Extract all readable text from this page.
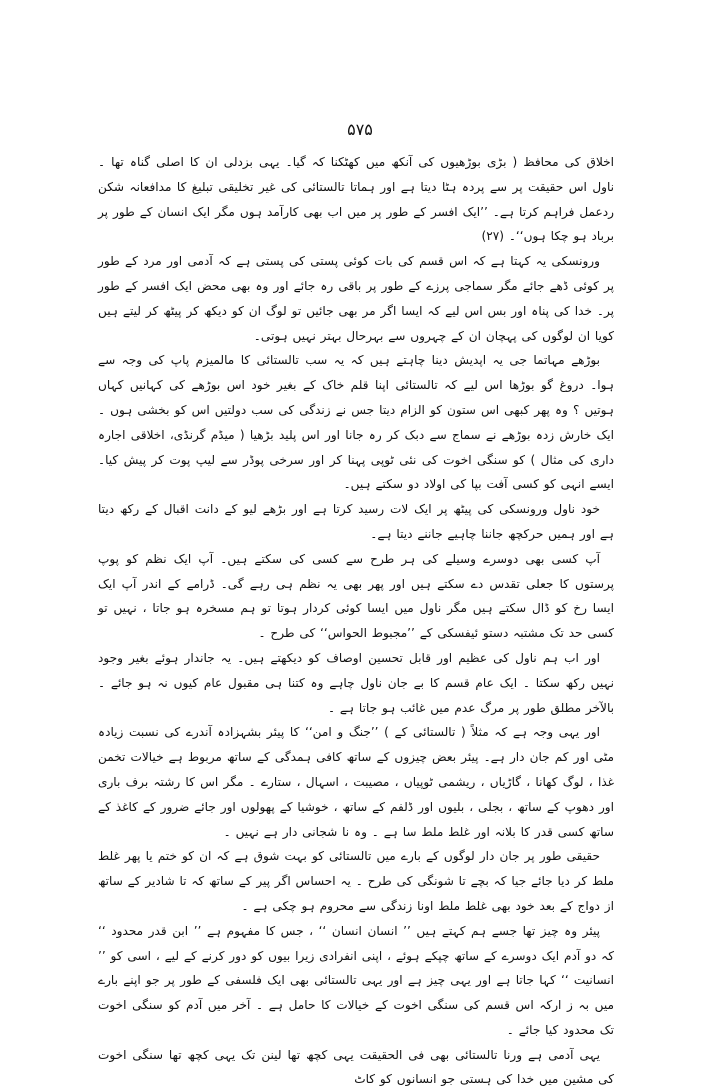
۵۷۵

اخلاق کی محافظ ( بڑی بوڑھیوں کی آنکھ میں کھٹکنا کہ گیا۔ یہی بزدلی ان کا اصلی گناہ تھا ۔ ناول اس حقیقت پر سے پردہ ہٹا دیتا ہے اور ہماتا تالستائی کی غیر تخلیقی تبلیغ کا مدافعانہ شکن ردعمل فراہم کرتا ہے۔ ’’ایک افسر کے طور پر میں اب بھی کارآمد ہوں مگر ایک انسان کے طور پر برباد ہو چکا ہوں‘‘۔ (۲۷)

ورونسکی یہ کہتا ہے کہ اس قسم کی بات کوئی پستی کی پستی ہے کہ آدمی اور مرد کے طور پر کوئی ڈھے جائے مگر سماجی پرزے کے طور پر باقی رہ جائے اور وہ بھی محض ایک افسر کے طور پر۔ خدا کی پناہ اور بس اس لیے کہ ایسا اگر مر بھی جائیں تو لوگ ان کو دیکھ کر پیٹھ کر لیتے ہیں کویا ان لوگوں کی پہچان ان کے چہروں سے بہرحال بہتر نہیں ہوتی۔

بوڑھے مہاتما جی یہ اپدیش دینا چاہتے ہیں کہ یہ سب تالستائی کا مالمیزم پاپ کی وجہ سے ہوا۔ دروغ گو بوڑھا اس لیے کہ تالستائی اپنا قلم خاک کے بغیر خود اس بوڑھے کی کہانیں کہاں ہوتیں ؟ وہ پھر کبھی اس ستون کو الزام دیتا جس نے زندگی کی سب دولتیں اس کو بخشی ہوں ۔ ایک خارش زدہ بوڑھے نے سماج سے دبک کر رہ جانا اور اس پلید بڑھیا ( میڈم گرنڈی، اخلاقی اجارہ داری کی مثال ) کو سنگی اخوت کی نئی ٹوپی پہنا کر اور سرخی پوڈر سے لیپ پوت کر پیش کیا۔ ایسے انہی کو کسی آفت بپا کی اولاد دو سکتے ہیں۔

خود ناول ورونسکی کی پیٹھ پر ایک لات رسید کرتا ہے اور بڑھے لیو کے دانت اقبال کے رکھ دیتا ہے اور ہمیں حرکچھ جاننا چاہیے جاننے دیتا ہے۔

آپ کسی بھی دوسرے وسیلے کی ہر طرح سے کسی کی سکتے ہیں۔ آپ ایک نظم کو پوپ پرستوں کا جعلی تقدس دے سکتے ہیں اور پھر بھی یہ نظم ہی رہے گی۔ ڈرامے کے اندر آپ ایک ایسا رخ کو ڈال سکتے ہیں مگر ناول میں ایسا کوئی کردار ہوتا تو ہم مسخرہ ہو جاتا ، نہیں تو کسی حد تک مشتبہ دستو ئیفسکی کے ’’مجبوط الحواس‘‘ کی طرح ۔

اور اب ہم ناول کی عظیم اور قابل تحسین اوصاف کو دیکھتے ہیں۔ یہ جاندار ہوئے بغیر وجود نہیں رکھ سکتا ۔ ایک عام قسم کا بے جان ناول چاہے وہ کتنا ہی مقبول عام کیوں نہ ہو جائے ۔ بالآخر مطلق طور پر مرگ عدم میں غائب ہو جاتا ہے ۔

اور یہی وجہ ہے کہ مثلاً ( تالستائی کے ) ’’جنگ و امن‘‘ کا پیئر بشہزادہ آندرے کی نسبت زیادہ مٹی اور کم جان دار ہے۔ پیئر بعض چیزوں کے ساتھ کافی ہمدگی کے ساتھ مربوط ہے خیالات تخمن غذا ، لوگ کھانا ، گاڑیاں ، ریشمی ٹوپیاں ، مصیبت ، اسہال ، ستارے ۔ مگر اس کا رشتہ برف باری اور دھوپ کے ساتھ ، بجلی ، بلیوں اور ڈلفم کے ساتھ ، خوشیا کے پھولوں اور جائے ضرور کے کاغذ کے ساتھ کسی قدر کا بلانہ اور غلط ملط سا ہے ۔ وہ نا شجانی دار ہے نہیں ۔

حقیقی طور پر جان دار لوگوں کے بارے میں تالستائی کو بہت شوق ہے کہ ان کو ختم یا پھر غلط ملط کر دیا جائے جیا کہ بچے تا شونگی کی طرح ۔ یہ احساس اگر پیر کے ساتھ کہ تا شادیر کے ساتھ از دواج کے بعد خود بھی غلط ملط اونا زندگی سے محروم ہو چکی ہے ۔

پیئر وہ چیز تھا جسے ہم کہتے ہیں ’’ انسان انسان ‘‘ ، جس کا مفہوم ہے ’’ ابن قدر محدود ‘‘ کہ دو آدم ایک دوسرے کے ساتھ چپکے ہوئے ، اپنی انفرادی زیرا بیوں کو دور کرنے کے لیے ، اسی کو ’’ انسانیت ‘‘ کہا جاتا ہے اور یہی چیز ہے اور یہی تالستائی بھی ایک فلسفی کے طور پر جو اپنے بارے میں بہ ز ارکہ اس قسم کی سنگی اخوت کے خیالات کا حامل ہے ۔ آخر میں آدم کو سنگی اخوت تک محدود کیا جائے ۔

یہی آدمی ہے ورنا تالستائی بھی فی الحقیقت یہی کچھ تھا لینن تک یہی کچھ تھا سنگی اخوت کی مشین میں خدا کی ہستی جو انسانوں کو کاٹ
